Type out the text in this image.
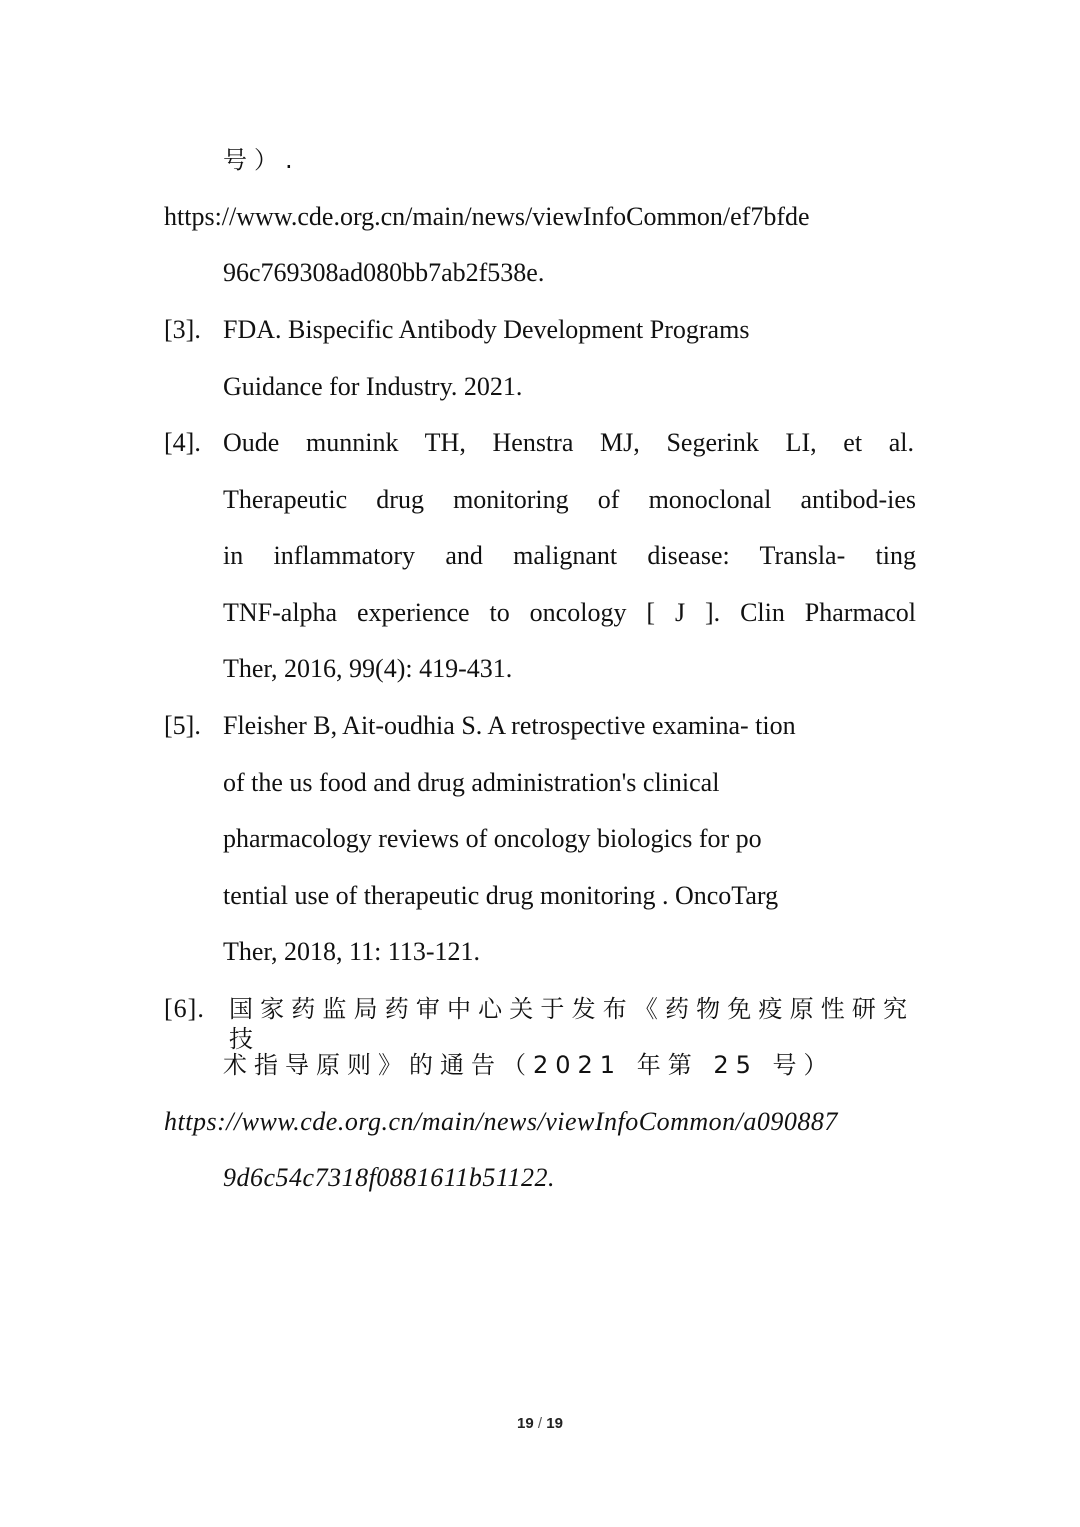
号）.
https://www.cde.org.cn/main/news/viewInfoCommon/ef7bfde
96c769308ad080bb7ab2f538e.
[3]. FDA. Bispecific Antibody Development Programs
Guidance for Industry. 2021.
[4]. Oude munnink TH, Henstra MJ, Segerink LI, et al.
Therapeutic drug monitoring of monoclonal antibod-ies
in inflammatory and malignant disease: Transla- ting
TNF-alpha experience to oncology [ J ]. Clin Pharmacol
Ther, 2016, 99(4): 419-431.
[5]. Fleisher B, Ait-oudhia S. A retrospective examina- tion
of the us food and drug administration's clinical
pharmacology reviews of oncology biologics for po
tential use of therapeutic drug monitoring . OncoTarg
Ther, 2018, 11: 113-121.
[6]. 国家药监局药审中心关于发布《药物免疫原性研究技
术指导原则》的通告（2021 年第 25 号）
https://www.cde.org.cn/main/news/viewInfoCommon/a090887
9d6c54c7318f0881611b51122.
19 / 19
